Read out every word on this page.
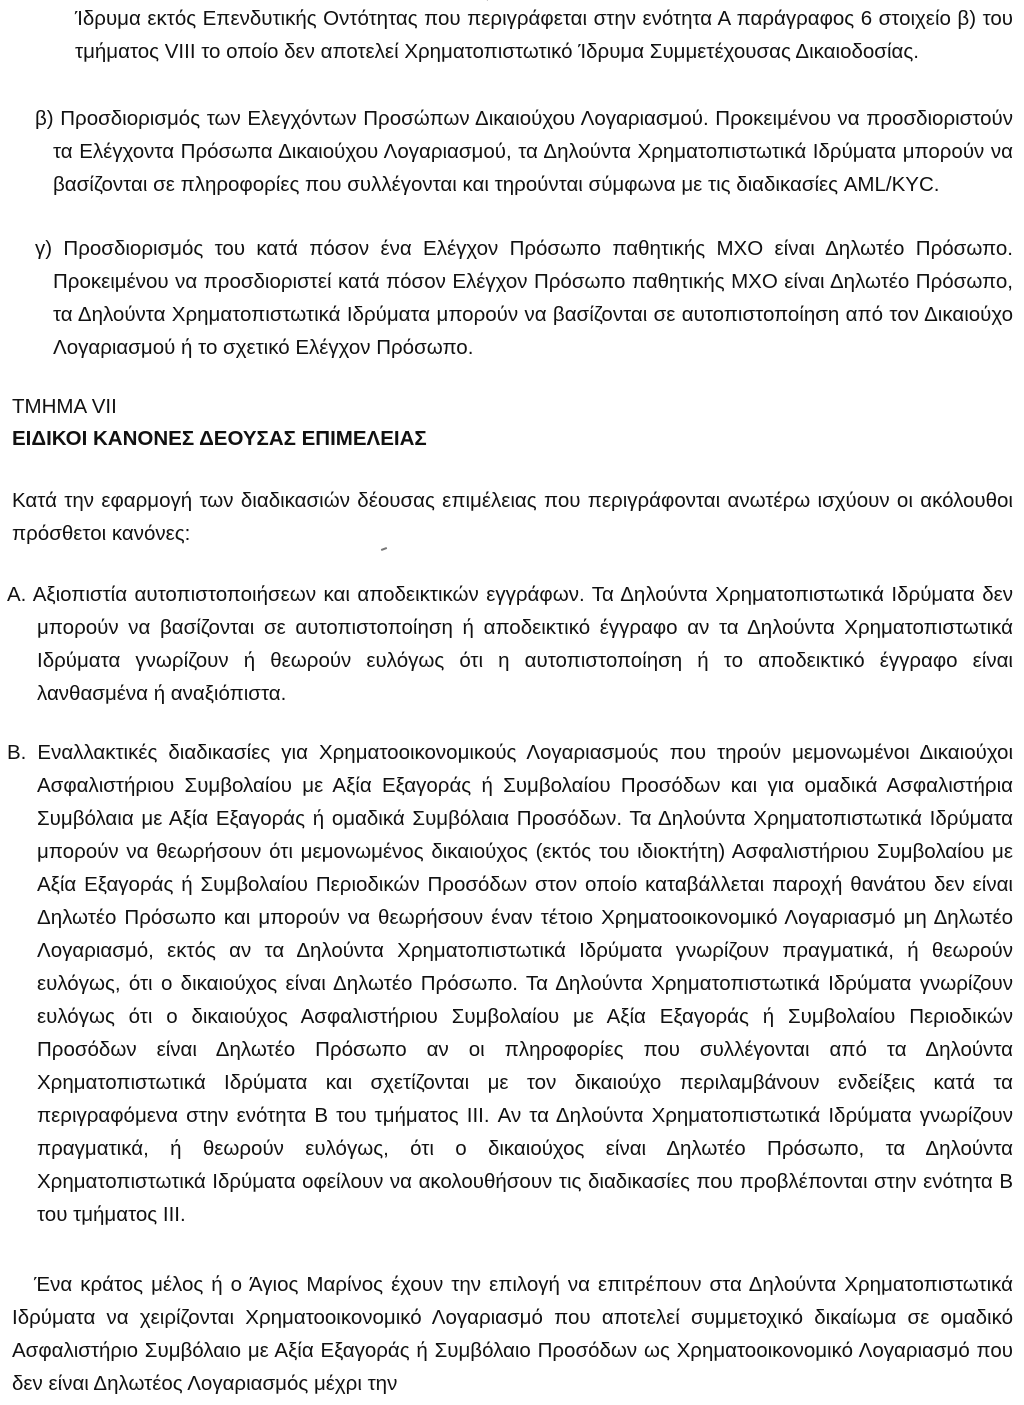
Ίδρυμα εκτός Επενδυτικής Οντότητας που περιγράφεται στην ενότητα Α παράγραφος 6 στοιχείο β) του τμήματος VIII το οποίο δεν αποτελεί Χρηματοπιστωτικό Ίδρυμα Συμμετέχουσας Δικαιοδοσίας.

β) Προσδιορισμός των Ελεγχόντων Προσώπων Δικαιούχου Λογαριασμού. Προκειμένου να προσδιοριστούν τα Ελέγχοντα Πρόσωπα Δικαιούχου Λογαριασμού, τα Δηλούντα Χρηματοπιστωτικά Ιδρύματα μπορούν να βασίζονται σε πληροφορίες που συλλέγονται και τηρούνται σύμφωνα με τις διαδικασίες AML/KYC.

γ) Προσδιορισμός του κατά πόσον ένα Ελέγχον Πρόσωπο παθητικής ΜΧΟ είναι Δηλωτέο Πρόσωπο. Προκειμένου να προσδιοριστεί κατά πόσον Ελέγχον Πρόσωπο παθητικής ΜΧΟ είναι Δηλωτέο Πρόσωπο, τα Δηλούντα Χρηματοπιστωτικά Ιδρύματα μπορούν να βασίζονται σε αυτοπιστοποίηση από τον Δικαιούχο Λογαριασμού ή το σχετικό Ελέγχον Πρόσωπο.

ΤΜΗΜΑ VII

ΕΙΔΙΚΟΙ ΚΑΝΟΝΕΣ ΔΕΟΥΣΑΣ ΕΠΙΜΕΛΕΙΑΣ

Κατά την εφαρμογή των διαδικασιών δέουσας επιμέλειας που περιγράφονται ανωτέρω ισχύουν οι ακόλουθοι πρόσθετοι κανόνες:

Α. Αξιοπιστία αυτοπιστοποιήσεων και αποδεικτικών εγγράφων. Τα Δηλούντα Χρηματοπιστωτικά Ιδρύματα δεν μπορούν να βασίζονται σε αυτοπιστοποίηση ή αποδεικτικό έγγραφο αν τα Δηλούντα Χρηματοπιστωτικά Ιδρύματα γνωρίζουν ή θεωρούν ευλόγως ότι η αυτοπιστοποίηση ή το αποδεικτικό έγγραφο είναι λανθασμένα ή αναξιόπιστα.

Β. Εναλλακτικές διαδικασίες για Χρηματοοικονομικούς Λογαριασμούς που τηρούν μεμονωμένοι Δικαιούχοι Ασφαλιστήριου Συμβολαίου με Αξία Εξαγοράς ή Συμβολαίου Προσόδων και για ομαδικά Ασφαλιστήρια Συμβόλαια με Αξία Εξαγοράς ή ομαδικά Συμβόλαια Προσόδων. Τα Δηλούντα Χρηματοπιστωτικά Ιδρύματα μπορούν να θεωρήσουν ότι μεμονωμένος δικαιούχος (εκτός του ιδιοκτήτη) Ασφαλιστήριου Συμβολαίου με Αξία Εξαγοράς ή Συμβολαίου Περιοδικών Προσόδων στον οποίο καταβάλλεται παροχή θανάτου δεν είναι Δηλωτέο Πρόσωπο και μπορούν να θεωρήσουν έναν τέτοιο Χρηματοοικονομικό Λογαριασμό μη Δηλωτέο Λογαριασμό, εκτός αν τα Δηλούντα Χρηματοπιστωτικά Ιδρύματα γνωρίζουν πραγματικά, ή θεωρούν ευλόγως, ότι ο δικαιούχος είναι Δηλωτέο Πρόσωπο. Τα Δηλούντα Χρηματοπιστωτικά Ιδρύματα γνωρίζουν ευλόγως ότι ο δικαιούχος Ασφαλιστήριου Συμβολαίου με Αξία Εξαγοράς ή Συμβολαίου Περιοδικών Προσόδων είναι Δηλωτέο Πρόσωπο αν οι πληροφορίες που συλλέγονται από τα Δηλούντα Χρηματοπιστωτικά Ιδρύματα και σχετίζονται με τον δικαιούχο περιλαμβάνουν ενδείξεις κατά τα περιγραφόμενα στην ενότητα Β του τμήματος III. Αν τα Δηλούντα Χρηματοπιστωτικά Ιδρύματα γνωρίζουν πραγματικά, ή θεωρούν ευλόγως, ότι ο δικαιούχος είναι Δηλωτέο Πρόσωπο, τα Δηλούντα Χρηματοπιστωτικά Ιδρύματα οφείλουν να ακολουθήσουν τις διαδικασίες που προβλέπονται στην ενότητα Β του τμήματος III.

Ένα κράτος μέλος ή ο Άγιος Μαρίνος έχουν την επιλογή να επιτρέπουν στα Δηλούντα Χρηματοπιστωτικά Ιδρύματα να χειρίζονται Χρηματοοικονομικό Λογαριασμό που αποτελεί συμμετοχικό δικαίωμα σε ομαδικό Ασφαλιστήριο Συμβόλαιο με Αξία Εξαγοράς ή Συμβόλαιο Προσόδων ως Χρηματοοικονομικό Λογαριασμό που δεν είναι Δηλωτέος Λογαριασμός μέχρι την
